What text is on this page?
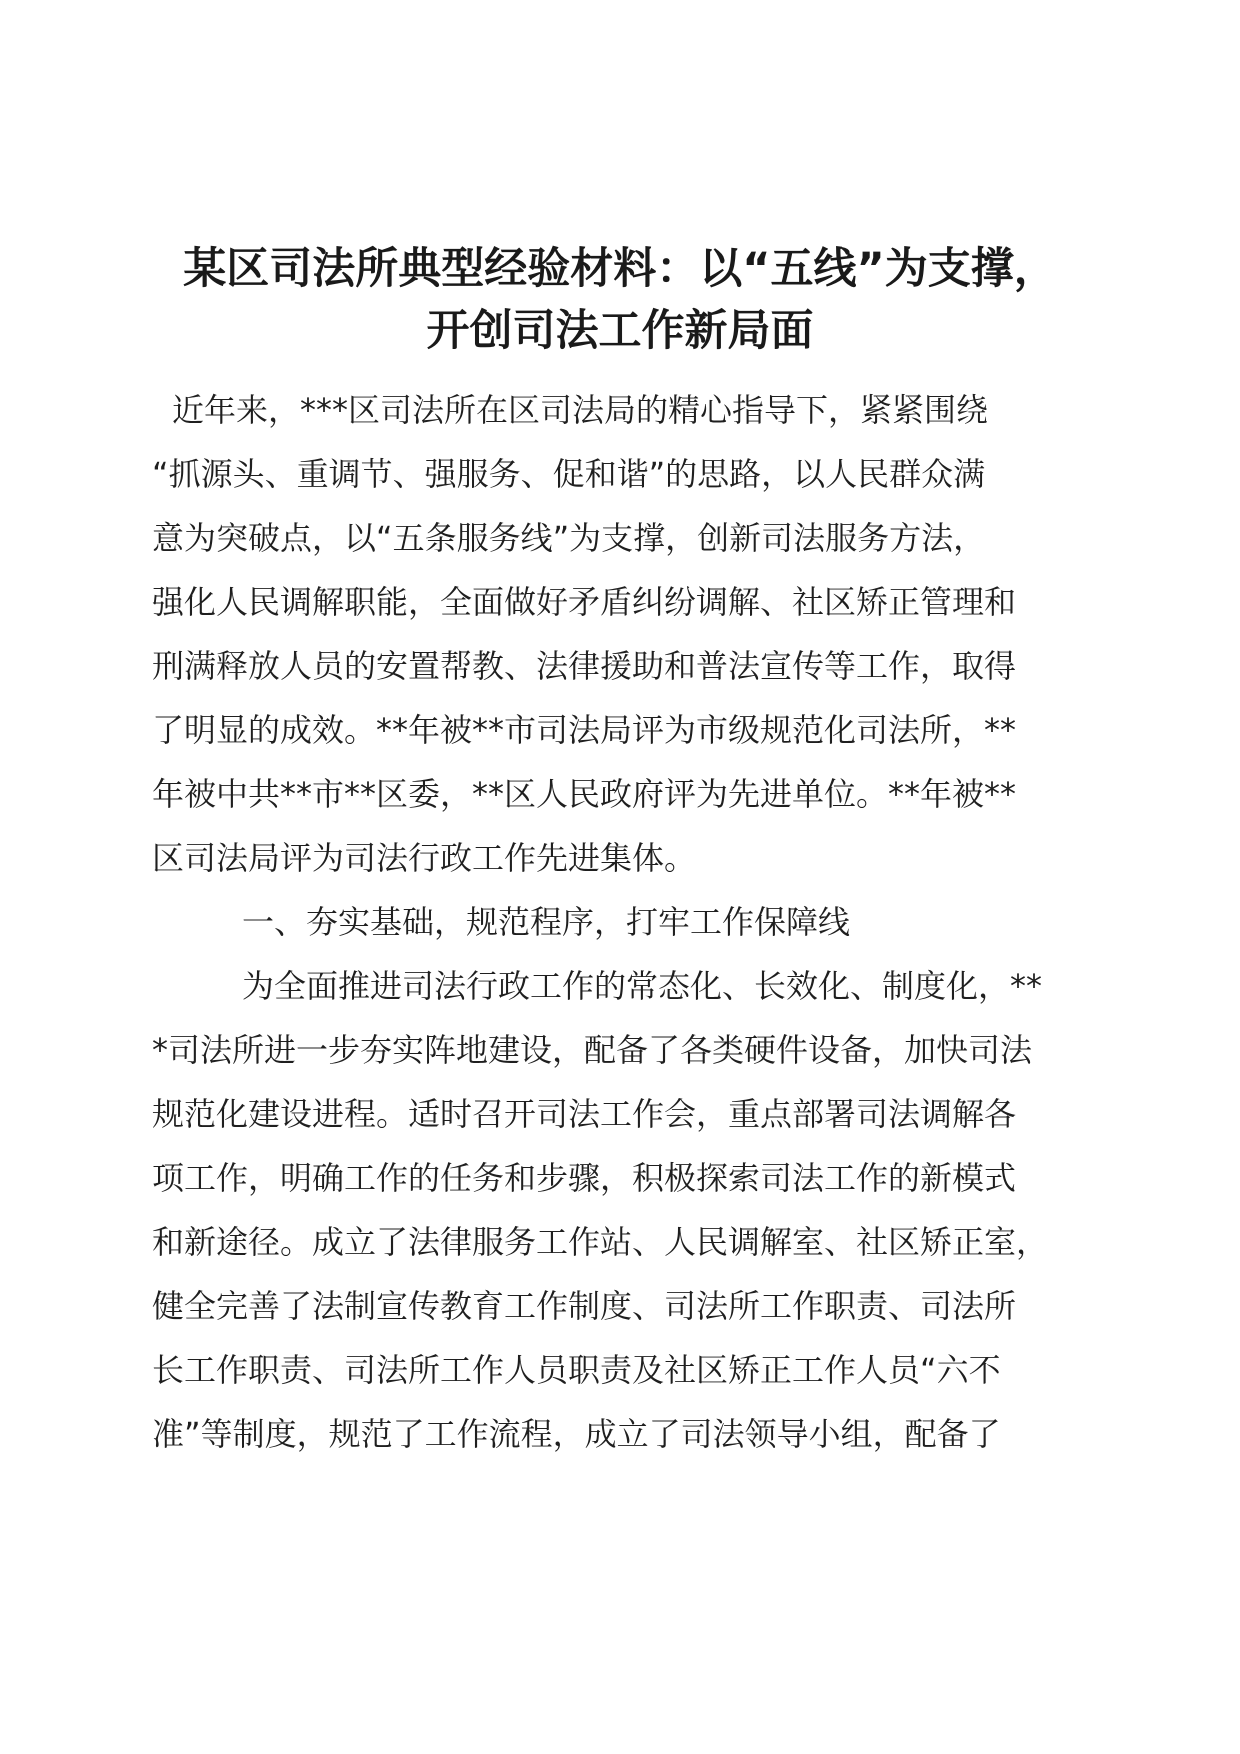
某区司法所典型经验材料：以“五线”为支撑，
开创司法工作新局面
近年来，***区司法所在区司法局的精心指导下，紧紧围绕
“抓源头、重调节、强服务、促和谐”的思路，以人民群众满
意为突破点，以“五条服务线”为支撑，创新司法服务方法，
强化人民调解职能，全面做好矛盾纠纷调解、社区矫正管理和
刑满释放人员的安置帮教、法律援助和普法宣传等工作，取得
了明显的成效。**年被**市司法局评为市级规范化司法所，**
年被中共**市**区委，**区人民政府评为先进单位。**年被**
区司法局评为司法行政工作先进集体。
一、夯实基础，规范程序，打牢工作保障线
为全面推进司法行政工作的常态化、长效化、制度化，**
*司法所进一步夯实阵地建设，配备了各类硬件设备，加快司法
规范化建设进程。适时召开司法工作会，重点部署司法调解各
项工作，明确工作的任务和步骤，积极探索司法工作的新模式
和新途径。成立了法律服务工作站、人民调解室、社区矫正室，
健全完善了法制宣传教育工作制度、司法所工作职责、司法所
长工作职责、司法所工作人员职责及社区矫正工作人员“六不
准”等制度，规范了工作流程，成立了司法领导小组，配备了
